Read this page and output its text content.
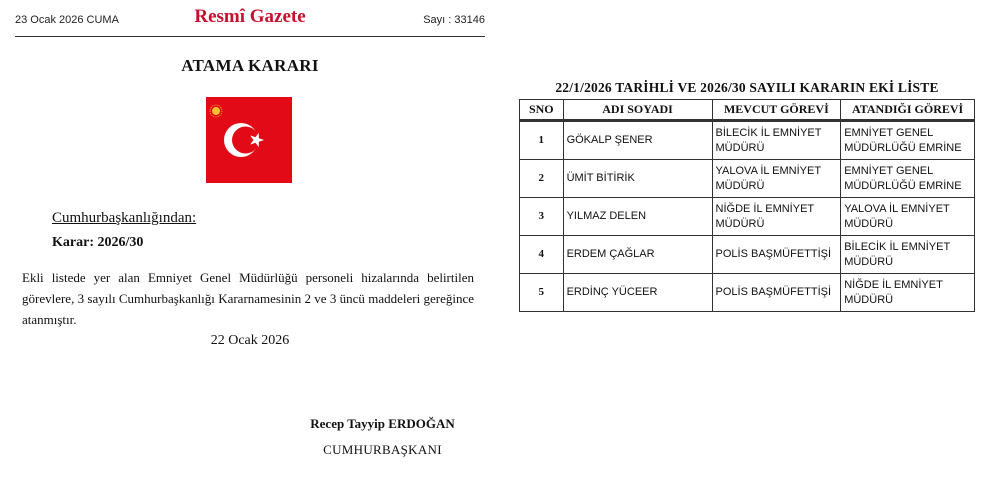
23 Ocak 2026 CUMA	Resmî Gazete	Sayı : 33146
ATAMA KARARI
Cumhurbaşkanlığından:
Karar: 2026/30
Ekli listede yer alan Emniyet Genel Müdürlüğü personeli hizalarında belirtilen görevlere, 3 sayılı Cumhurbaşkanlığı Kararnamesinin 2 ve 3 üncü maddeleri gereğince atanmıştır.
22 Ocak 2026
Recep Tayyip ERDOĞAN
CUMHURBAŞKANI
22/1/2026 TARİHLİ VE 2026/30 SAYILI KARARIN EKİ LİSTE
SNO	ADI SOYADI	MEVCUT GÖREVİ	ATANDIĞI GÖREVİ
1	GÖKALP ŞENER	BİLECİK İL EMNİYET MÜDÜRÜ	EMNİYET GENEL MÜDÜRLÜĞÜ EMRİNE
2	ÜMİT BİTİRİK	YALOVA İL EMNİYET MÜDÜRÜ	EMNİYET GENEL MÜDÜRLÜĞÜ EMRİNE
3	YILMAZ DELEN	NİĞDE İL EMNİYET MÜDÜRÜ	YALOVA İL EMNİYET MÜDÜRÜ
4	ERDEM ÇAĞLAR	POLİS BAŞMÜFETTİŞİ	BİLECİK İL EMNİYET MÜDÜRÜ
5	ERDİNÇ YÜCEER	POLİS BAŞMÜFETTİŞİ	NİĞDE İL EMNİYET MÜDÜRÜ
